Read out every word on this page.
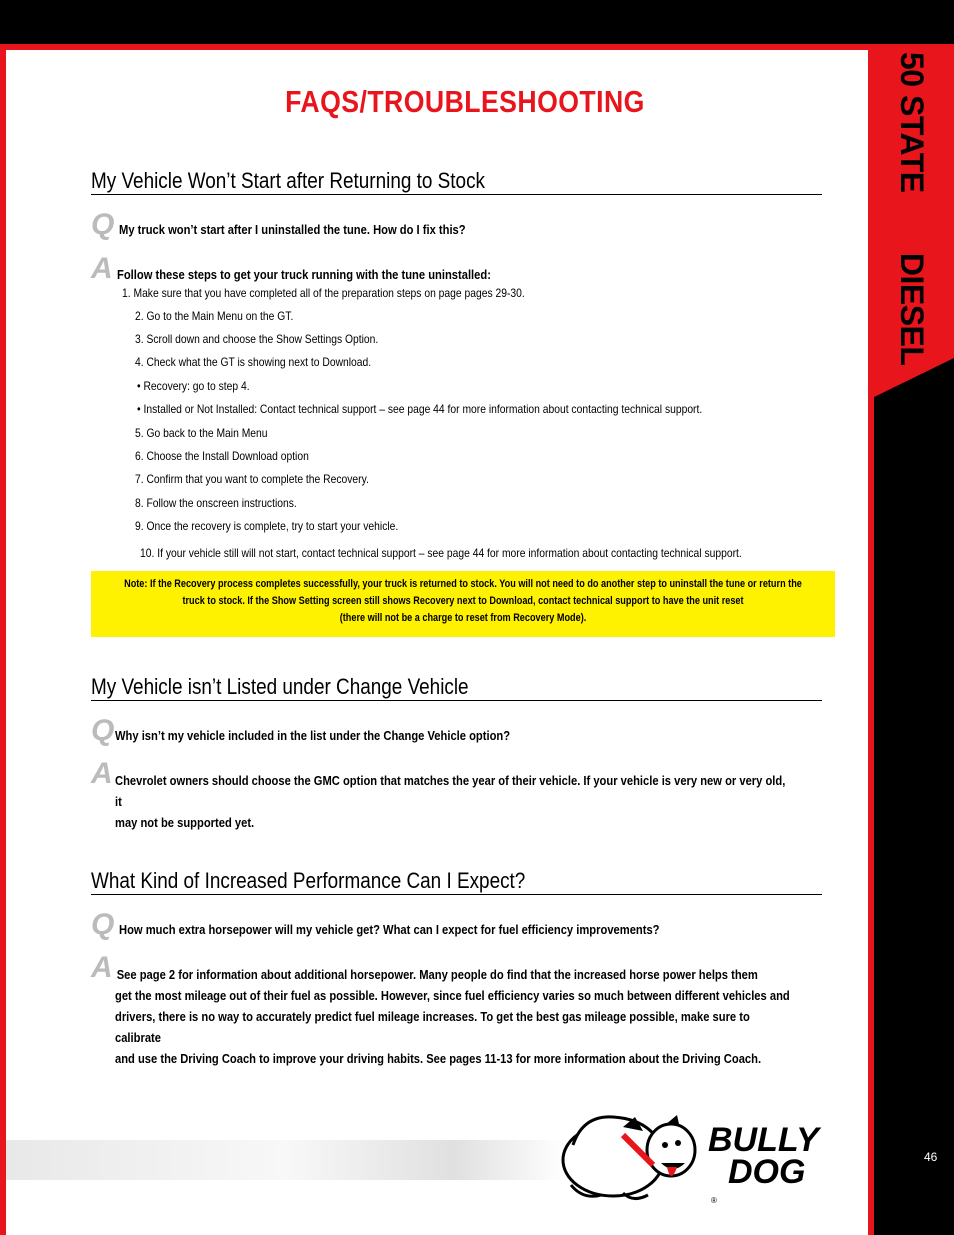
50 STATE GT DIESEL
46
FAQS/TROUBLESHOOTING
My Vehicle Won’t Start after Returning to Stock
Q My truck won’t start after I uninstalled the tune. How do I fix this?
A Follow these steps to get your truck running with the tune uninstalled:
1. Make sure that you have completed all of the preparation steps on page pages 29-30.
2. Go to the Main Menu on the GT.
3. Scroll down and choose the Show Settings Option.
4. Check what the GT is showing next to Download.
• Recovery: go to step 4.
• Installed or Not Installed: Contact technical support – see page 44 for more information about contacting technical support.
5. Go back to the Main Menu
6. Choose the Install Download option
7. Confirm that you want to complete the Recovery.
8. Follow the onscreen instructions.
9. Once the recovery is complete, try to start your vehicle.
10. If your vehicle still will not start, contact technical support – see page 44 for more information about contacting technical support.
Note: If the Recovery process completes successfully, your truck is returned to stock. You will not need to do another step to uninstall the tune or return the
truck to stock. If the Show Setting screen still shows Recovery next to Download, contact technical support to have the unit reset
(there will not be a charge to reset from Recovery Mode).
My Vehicle isn’t Listed under Change Vehicle
Q Why isn’t my vehicle included in the list under the Change Vehicle option?
A Chevrolet owners should choose the GMC option that matches the year of their vehicle. If your vehicle is very new or very old, it
may not be supported yet.
What Kind of Increased Performance Can I Expect?
Q How much extra horsepower will my vehicle get? What can I expect for fuel efficiency improvements?
A See page 2 for information about additional horsepower. Many people do find that the increased horse power helps them
get the most mileage out of their fuel as possible. However, since fuel efficiency varies so much between different vehicles and
drivers, there is no way to accurately predict fuel mileage increases. To get the best gas mileage possible, make sure to calibrate
and use the Driving Coach to improve your driving habits. See pages 11-13 for more information about the Driving Coach.
BULLY
DOG
®
